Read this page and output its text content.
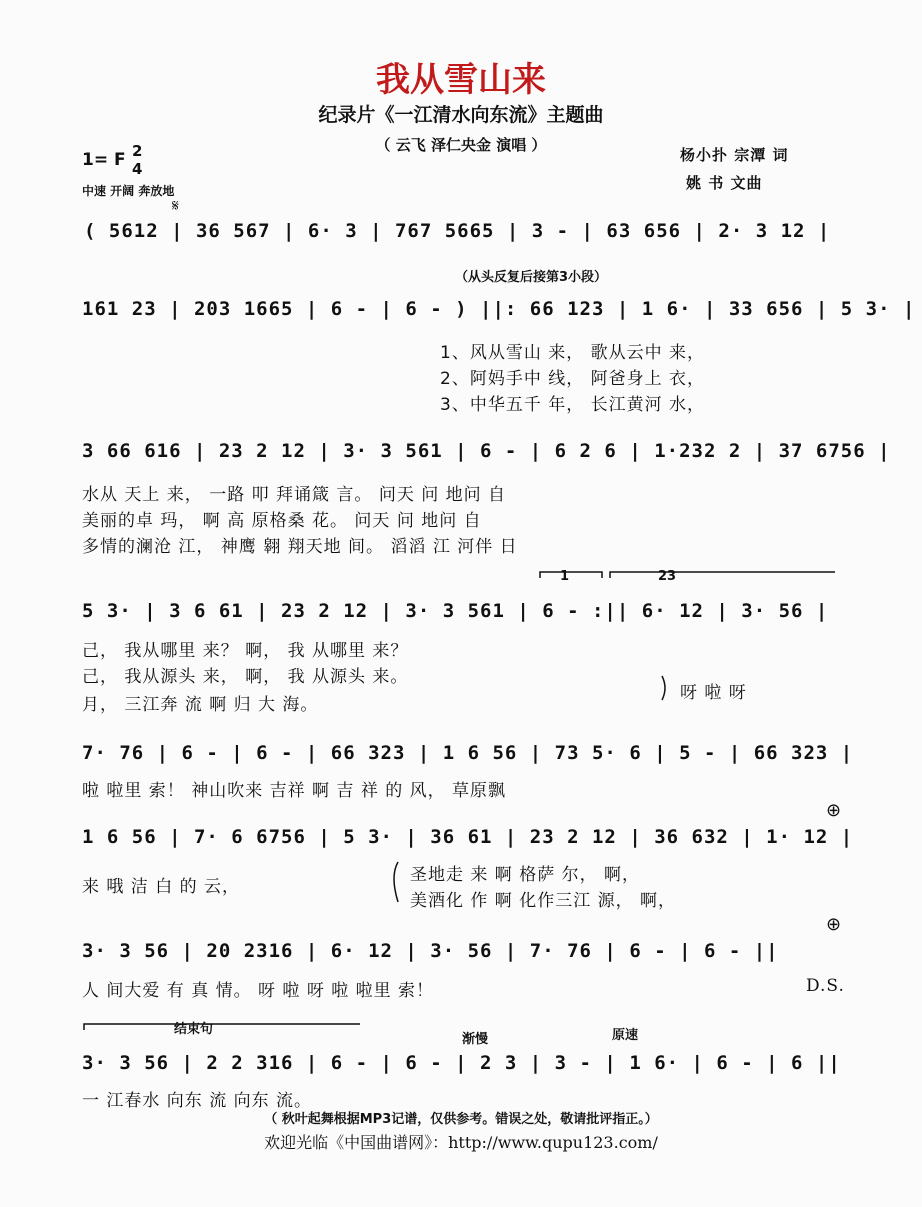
我从雪山来
纪录片《一江清水向东流》主题曲
（ 云飞 泽仁央金 演唱 ）
杨小扑 宗潭 词
姚 书 文曲
1= F 2
4
中速 开阔 奔放地
𝄋
( 5612 | 36 567 | 6· 3 | 767 5665 | 3 - | 63 656 | 2· 3 12 |
（从头反复后接第3小段）
161 23 | 203 1665 | 6 - | 6 - ) ||: 66 123 | 1 6· | 33 656 | 5 3· |
1、风从雪山 来， 歌从云中 来，
2、阿妈手中 线， 阿爸身上 衣，
3、中华五千 年， 长江黄河 水，
3 66 616 | 23 2 12 | 3· 3 561 | 6 - | 6 2 6 | 1·232 2 | 37 6756 |
水从 天上 来， 一路 叩 拜诵箴 言。 问天 问 地问 自
美丽的卓 玛， 啊 高 原格桑 花。 问天 问 地问 自
多情的澜沧 江， 神鹰 翱 翔天地 间。 滔滔 江 河伴 日
1	23
5 3· | 3 6 61 | 23 2 12 | 3· 3 561 | 6 - :|| 6· 12 | 3· 56 |
己， 我从哪里 来？ 啊， 我 从哪里 来？
己， 我从源头 来， 啊， 我 从源头 来。
月， 三江奔 流 啊 归 大 海。
呀 啦 呀
7· 76 | 6 - | 6 - | 66 323 | 1 6 56 | 73 5· 6 | 5 - | 66 323 |
啦 啦里 索！ 神山吹来 吉祥 啊 吉 祥 的 风， 草原飘
⊕
1 6 56 | 7· 6 6756 | 5 3· | 36 61 | 23 2 12 | 36 632 | 1· 12 |
来 哦 洁 白 的 云，
圣地走 来 啊 格萨 尔， 啊，
美酒化 作 啊 化作三江 源， 啊，
⊕
3· 3 56 | 20 2316 | 6· 12 | 3· 56 | 7· 76 | 6 - | 6 - ||
人 间大爱 有 真 情。 呀 啦 呀 啦 啦里 索！	D.S.
结束句
渐慢	原速
3· 3 56 | 2 2 316 | 6 - | 6 - | 2 3 | 3 - | 1 6· | 6 - | 6 ||
一 江春水 向东 流 向东 流。
（ 秋叶起舞根据MP3记谱，仅供参考。错误之处，敬请批评指正。）
欢迎光临《中国曲谱网》：http://www.qupu123.com/
